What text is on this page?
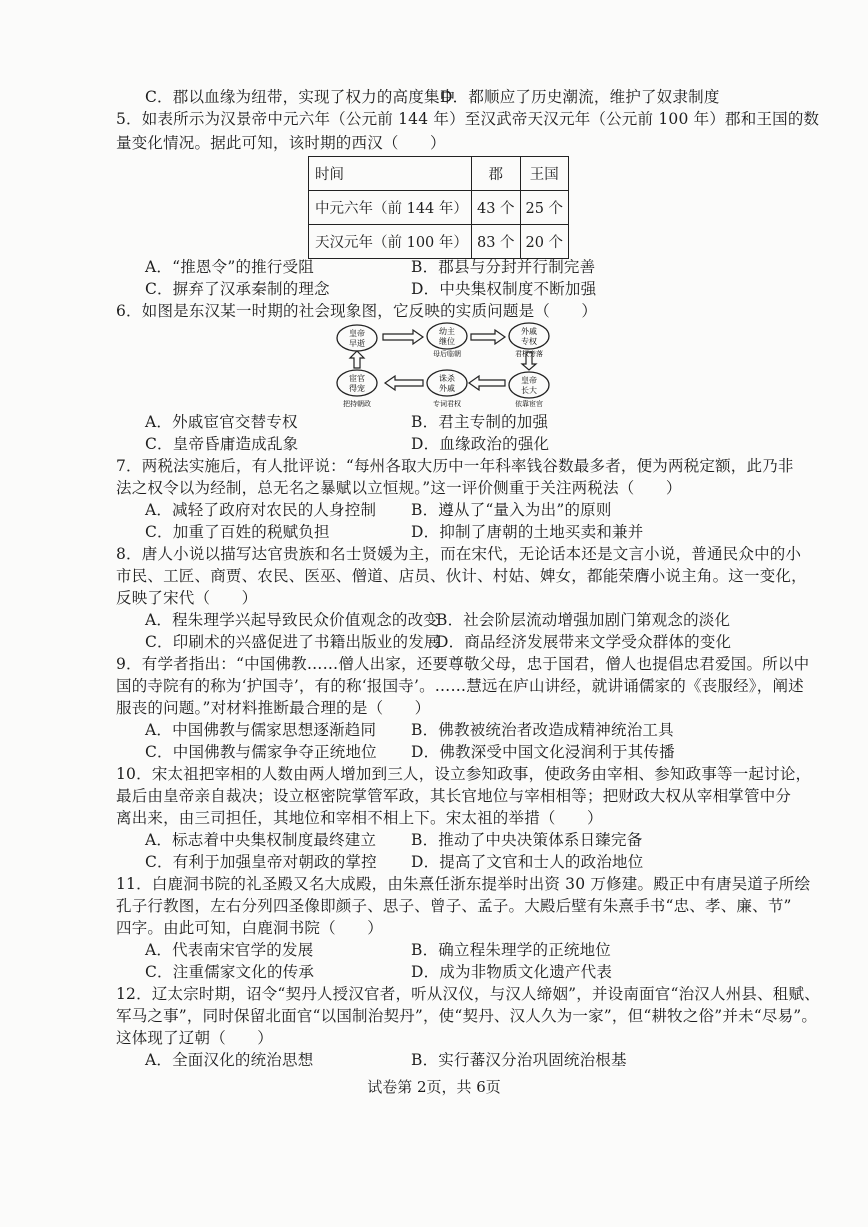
C．郡以血缘为纽带，实现了权力的高度集中
D．都顺应了历史潮流，维护了奴隶制度
5．如表所示为汉景帝中元六年（公元前 144 年）至汉武帝天汉元年（公元前 100 年）郡和王国的数
量变化情况。据此可知，该时期的西汉（　　）
时间	郡	王国
中元六年（前 144 年）	43 个	25 个
天汉元年（前 100 年）	83 个	20 个
A．“推恩令”的推行受阻	B．郡县与分封并行制完善
C．摒弃了汉承秦制的理念	D．中央集权制度不断加强
6．如图是东汉某一时期的社会现象图，它反映的实质问题是（　　）
皇帝
早逝
幼主
继位
母后临朝
外戚
专权
君权旁落
皇帝
长大
依靠宦官
诛杀
外戚
专词君权
宦官
得宠
把持朝政
A．外戚宦官交替专权	B．君主专制的加强
C．皇帝昏庸造成乱象	D．血缘政治的强化
7．两税法实施后，有人批评说：“每州各取大历中一年科率钱谷数最多者，便为两税定额，此乃非
法之权令以为经制，总无名之暴赋以立恒规。”这一评价侧重于关注两税法（　　）
A．减轻了政府对农民的人身控制 B．遵从了“量入为出”的原则
C．加重了百姓的税赋负担	D．抑制了唐朝的土地买卖和兼并
8．唐人小说以描写达官贵族和名士贤媛为主，而在宋代，无论话本还是文言小说，普通民众中的小
市民、工匠、商贾、农民、医巫、僧道、店员、伙计、村姑、婢女，都能荣膺小说主角。这一变化，
反映了宋代（　　）
A．程朱理学兴起导致民众价值观念的改变
B．社会阶层流动增强加剧门第观念的淡化
C．印刷术的兴盛促进了书籍出版业的发展
D．商品经济发展带来文学受众群体的变化
9．有学者指出：“中国佛教……僧人出家，还要尊敬父母，忠于国君，僧人也提倡忠君爱国。所以中
国的寺院有的称为‘护国寺’，有的称‘报国寺’。……慧远在庐山讲经，就讲诵儒家的《丧服经》，阐述
服丧的问题。”对材料推断最合理的是（　　）
A．中国佛教与儒家思想逐渐趋同 B．佛教被统治者改造成精神统治工具
C．中国佛教与儒家争夺正统地位 D．佛教深受中国文化浸润利于其传播
10．宋太祖把宰相的人数由两人增加到三人，设立参知政事，使政务由宰相、参知政事等一起讨论，
最后由皇帝亲自裁决；设立枢密院掌管军政，其长官地位与宰相相等；把财政大权从宰相掌管中分
离出来，由三司担任，其地位和宰相不相上下。宋太祖的举措（　　）
A．标志着中央集权制度最终建立 B．推动了中央决策体系日臻完备
C．有利于加强皇帝对朝政的掌控 D．提高了文官和士人的政治地位
11．白鹿洞书院的礼圣殿又名大成殿，由朱熹任浙东提举时出资 30 万修建。殿正中有唐吴道子所绘
孔子行教图，左右分列四圣像即颜子、思子、曾子、孟子。大殿后壁有朱熹手书“忠、孝、廉、节”
四字。由此可知，白鹿洞书院（　　）
A．代表南宋官学的发展	B．确立程朱理学的正统地位
C．注重儒家文化的传承	D．成为非物质文化遗产代表
12．辽太宗时期，诏令“契丹人授汉官者，听从汉仪，与汉人缔姻”，并设南面官“治汉人州县、租赋、
军马之事”，同时保留北面官“以国制治契丹”，使“契丹、汉人久为一家”，但“耕牧之俗”并未“尽易”。
这体现了辽朝（　　）
A．全面汉化的统治思想	B．实行蕃汉分治巩固统治根基
试卷第 2页，共 6页
